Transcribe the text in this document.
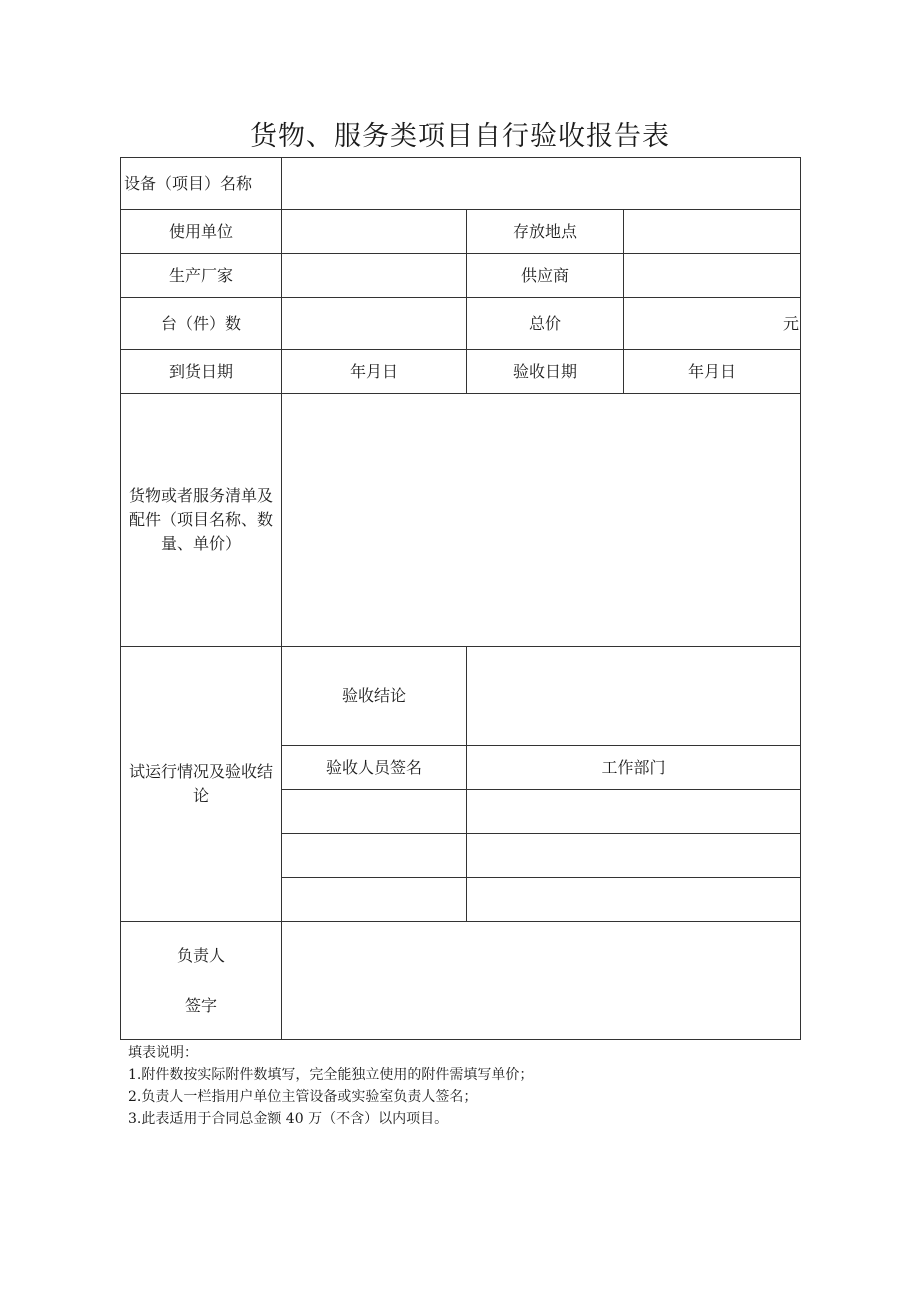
货物、服务类项目自行验收报告表
设备（项目）名称			
使用单位		存放地点	
生产厂家		供应商	
台（件）数		总价	元
到货日期	年月日	验收日期	年月日
货物或者服务清单及配件（项目名称、数量、单价）			
试运行情况及验收结论	验收结论		
	验收人员签名	工作部门	

负责人
签字			

填表说明：
1.附件数按实际附件数填写，完全能独立使用的附件需填写单价；
2.负责人一栏指用户单位主管设备或实验室负责人签名；
3.此表适用于合同总金额 40 万（不含）以内项目。
